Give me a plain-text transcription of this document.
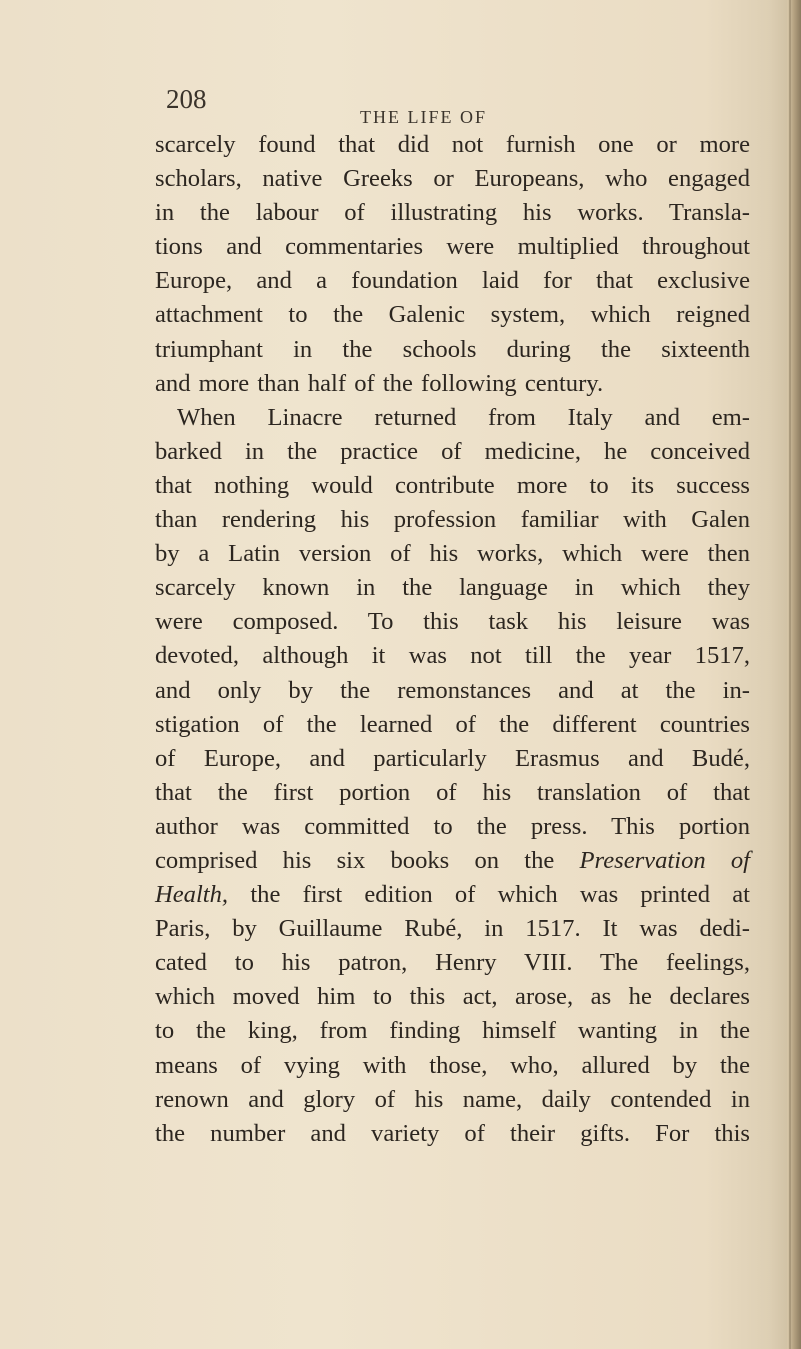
208
THE LIFE OF
scarcely found that did not furnish one or more
scholars, native Greeks or Europeans, who engaged
in the labour of illustrating his works. Transla-
tions and commentaries were multiplied throughout
Europe, and a foundation laid for that exclusive
attachment to the Galenic system, which reigned
triumphant in the schools during the sixteenth
and more than half of the following century.
When Linacre returned from Italy and em-
barked in the practice of medicine, he conceived
that nothing would contribute more to its success
than rendering his profession familiar with Galen
by a Latin version of his works, which were then
scarcely known in the language in which they
were composed. To this task his leisure was
devoted, although it was not till the year 1517,
and only by the remonstances and at the in-
stigation of the learned of the different countries
of Europe, and particularly Erasmus and Budé,
that the first portion of his translation of that
author was committed to the press. This portion
comprised his six books on the Preservation of
Health, the first edition of which was printed at
Paris, by Guillaume Rubé, in 1517. It was dedi-
cated to his patron, Henry VIII. The feelings,
which moved him to this act, arose, as he declares
to the king, from finding himself wanting in the
means of vying with those, who, allured by the
renown and glory of his name, daily contended in
the number and variety of their gifts. For this
